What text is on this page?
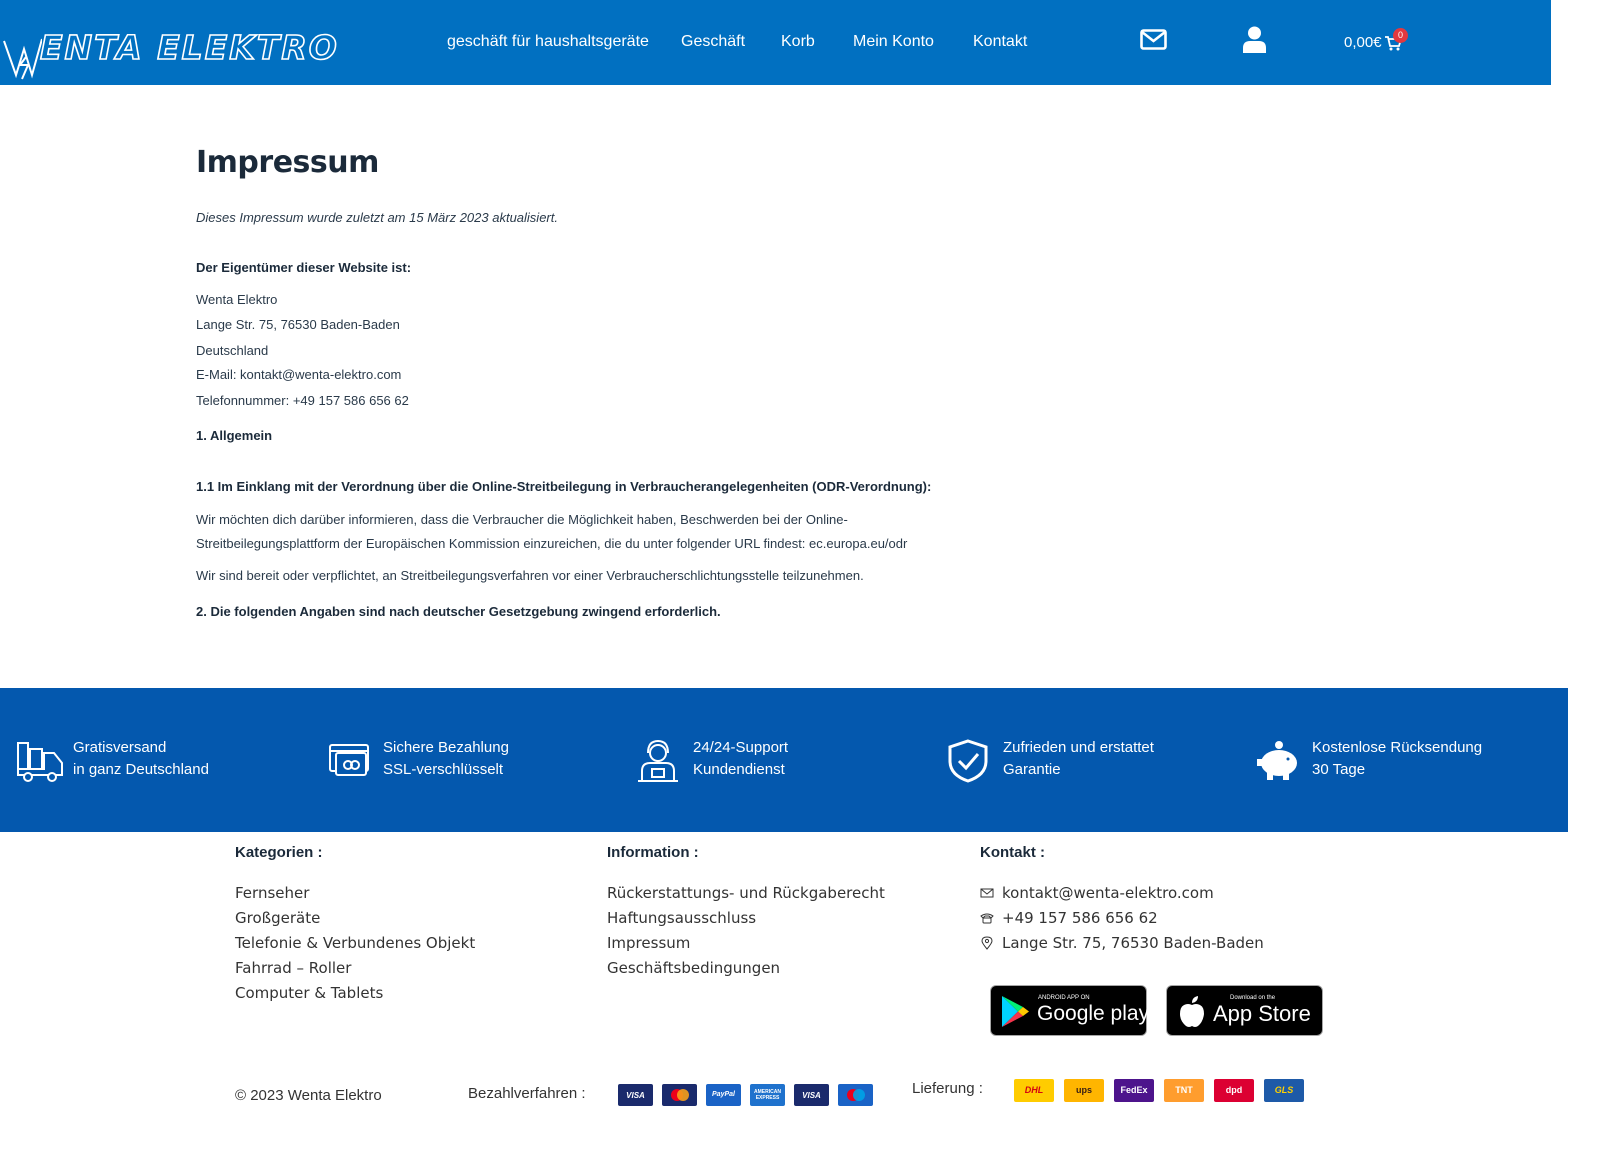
ENTA ELEKTRO	geschäft für haushaltsgeräte Geschäft Korb Mein Konto Kontakt	0,00€	0
Impressum
Dieses Impressum wurde zuletzt am 15 März 2023 aktualisiert.
Der Eigentümer dieser Website ist:
Wenta Elektro
Lange Str. 75, 76530 Baden-Baden
Deutschland
E-Mail: kontakt@wenta-elektro.com
Telefonnummer: +49 157 586 656 62
1. Allgemein
1.1 Im Einklang mit der Verordnung über die Online-Streitbeilegung in Verbraucherangelegenheiten (ODR-Verordnung):
Wir möchten dich darüber informieren, dass die Verbraucher die Möglichkeit haben, Beschwerden bei der Online-
Streitbeilegungsplattform der Europäischen Kommission einzureichen, die du unter folgender URL findest: ec.europa.eu/odr
Wir sind bereit oder verpflichtet, an Streitbeilegungsverfahren vor einer Verbraucherschlichtungsstelle teilzunehmen.
2. Die folgenden Angaben sind nach deutscher Gesetzgebung zwingend erforderlich.
Gratisversand
in ganz Deutschland
Sichere Bezahlung
SSL-verschlüsselt
24/24-Support
Kundendienst
Zufrieden und erstattet
Garantie
Kostenlose Rücksendung
30 Tage
Kategorien :
Fernseher
Großgeräte
Telefonie & Verbundenes Objekt
Fahrrad – Roller
Computer & Tablets
Information :
Rückerstattungs- und Rückgaberecht
Haftungsausschluss
Impressum
Geschäftsbedingungen
Kontakt :
kontakt@wenta-elektro.com
+49 157 586 656 62
Lange Str. 75, 76530 Baden-Baden
ANDROID APP ON
Google play
Download on the
App Store
© 2023 Wenta Elektro	Bezahlverfahren :	VISA	PayPal	AMERICAN EXPRESS	VISA	Lieferung :	DHL	ups	FedEx	TNT	dpd	GLS
